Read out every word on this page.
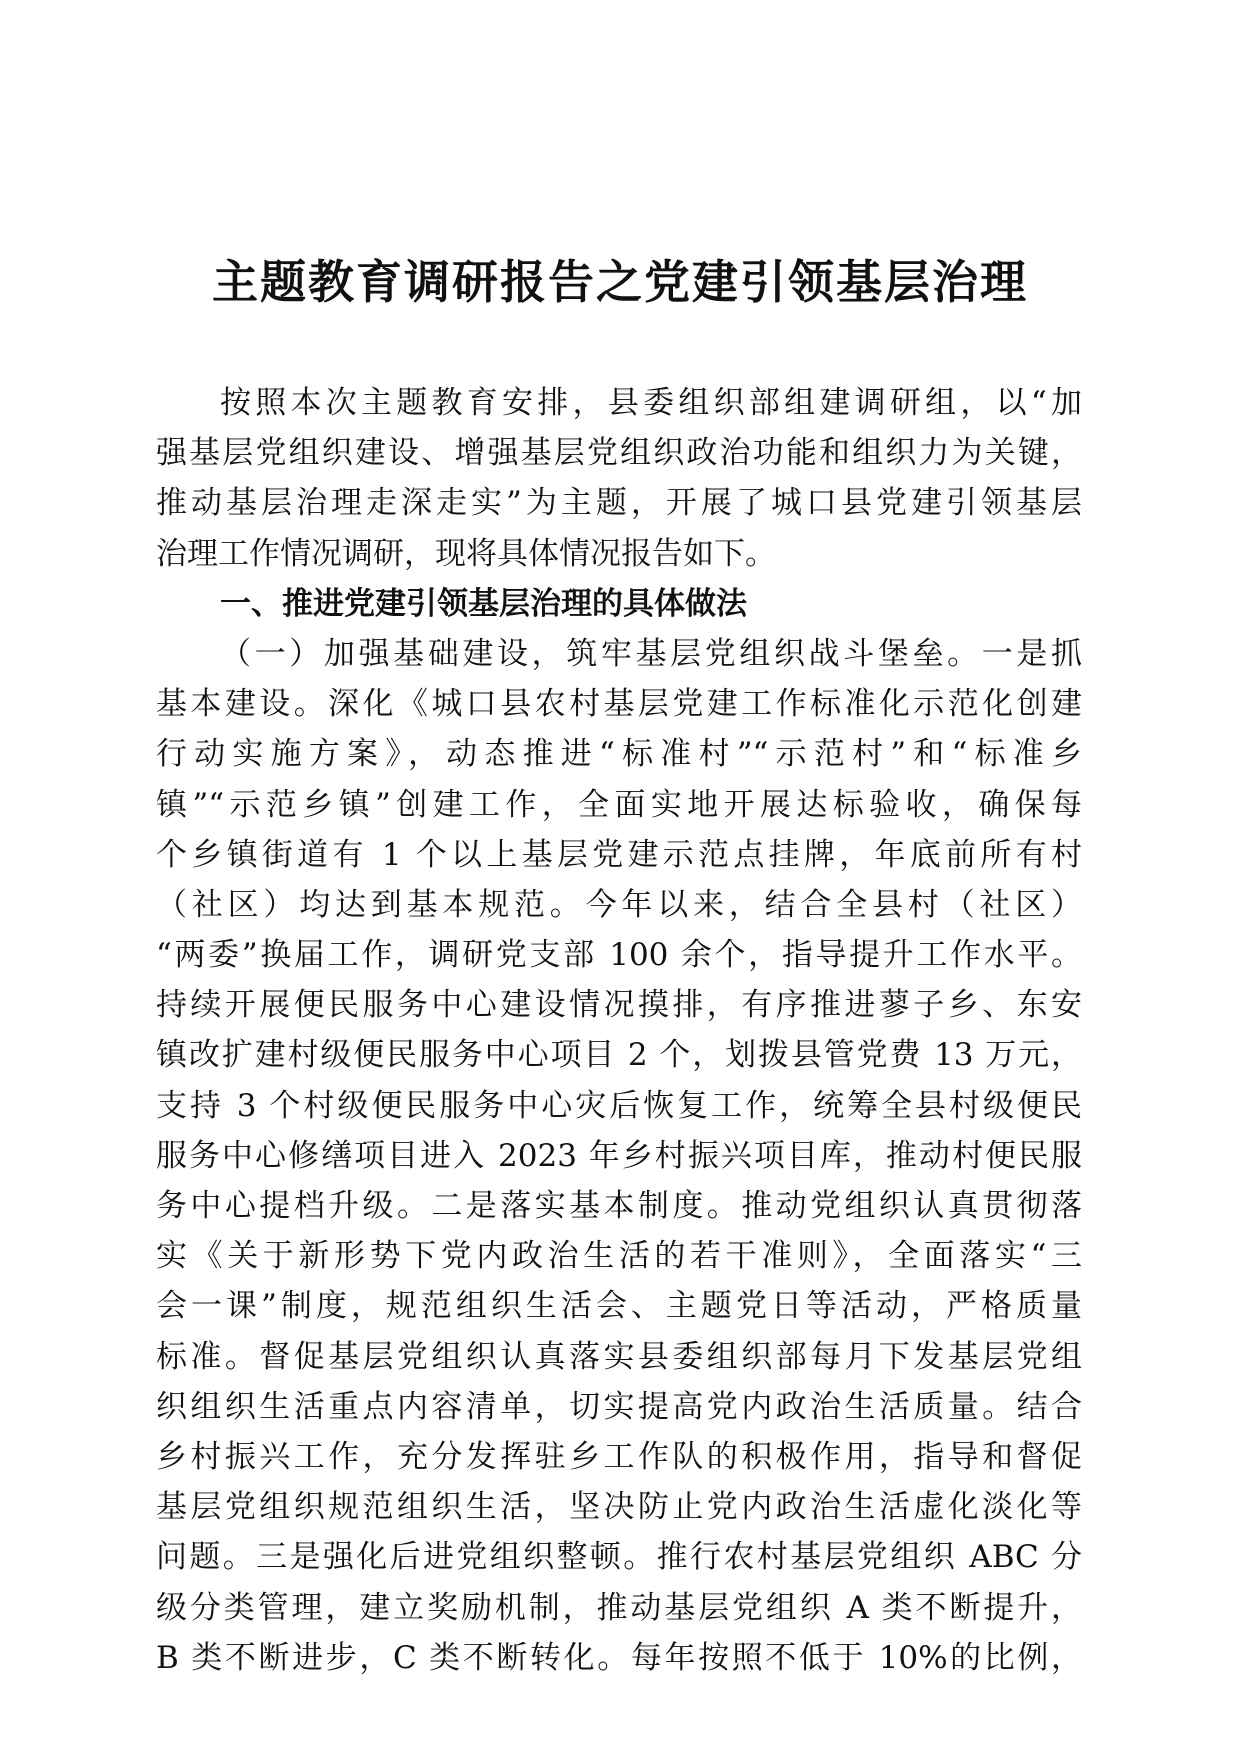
主题教育调研报告之党建引领基层治理
按照本次主题教育安排，县委组织部组建调研组，以“加
强基层党组织建设、增强基层党组织政治功能和组织力为关键，
推动基层治理走深走实”为主题，开展了城口县党建引领基层
治理工作情况调研，现将具体情况报告如下。
一、推进党建引领基层治理的具体做法
（一）加强基础建设，筑牢基层党组织战斗堡垒。一是抓
基本建设。深化《城口县农村基层党建工作标准化示范化创建
行动实施方案》，动态推进“标准村”“示范村”和“标准乡
镇”“示范乡镇”创建工作，全面实地开展达标验收，确保每
个乡镇街道有 1 个以上基层党建示范点挂牌，年底前所有村
（社区）均达到基本规范。今年以来，结合全县村（社区）
“两委”换届工作，调研党支部 100 余个，指导提升工作水平。
持续开展便民服务中心建设情况摸排，有序推进蓼子乡、东安
镇改扩建村级便民服务中心项目 2 个，划拨县管党费 13 万元，
支持 3 个村级便民服务中心灾后恢复工作，统筹全县村级便民
服务中心修缮项目进入 2023 年乡村振兴项目库，推动村便民服
务中心提档升级。二是落实基本制度。推动党组织认真贯彻落
实《关于新形势下党内政治生活的若干准则》，全面落实“三
会一课”制度，规范组织生活会、主题党日等活动，严格质量
标准。督促基层党组织认真落实县委组织部每月下发基层党组
织组织生活重点内容清单，切实提高党内政治生活质量。结合
乡村振兴工作，充分发挥驻乡工作队的积极作用，指导和督促
基层党组织规范组织生活，坚决防止党内政治生活虚化淡化等
问题。三是强化后进党组织整顿。推行农村基层党组织 ABC 分
级分类管理，建立奖励机制，推动基层党组织 A 类不断提升，
B 类不断进步，C 类不断转化。每年按照不低于 10%的比例，
